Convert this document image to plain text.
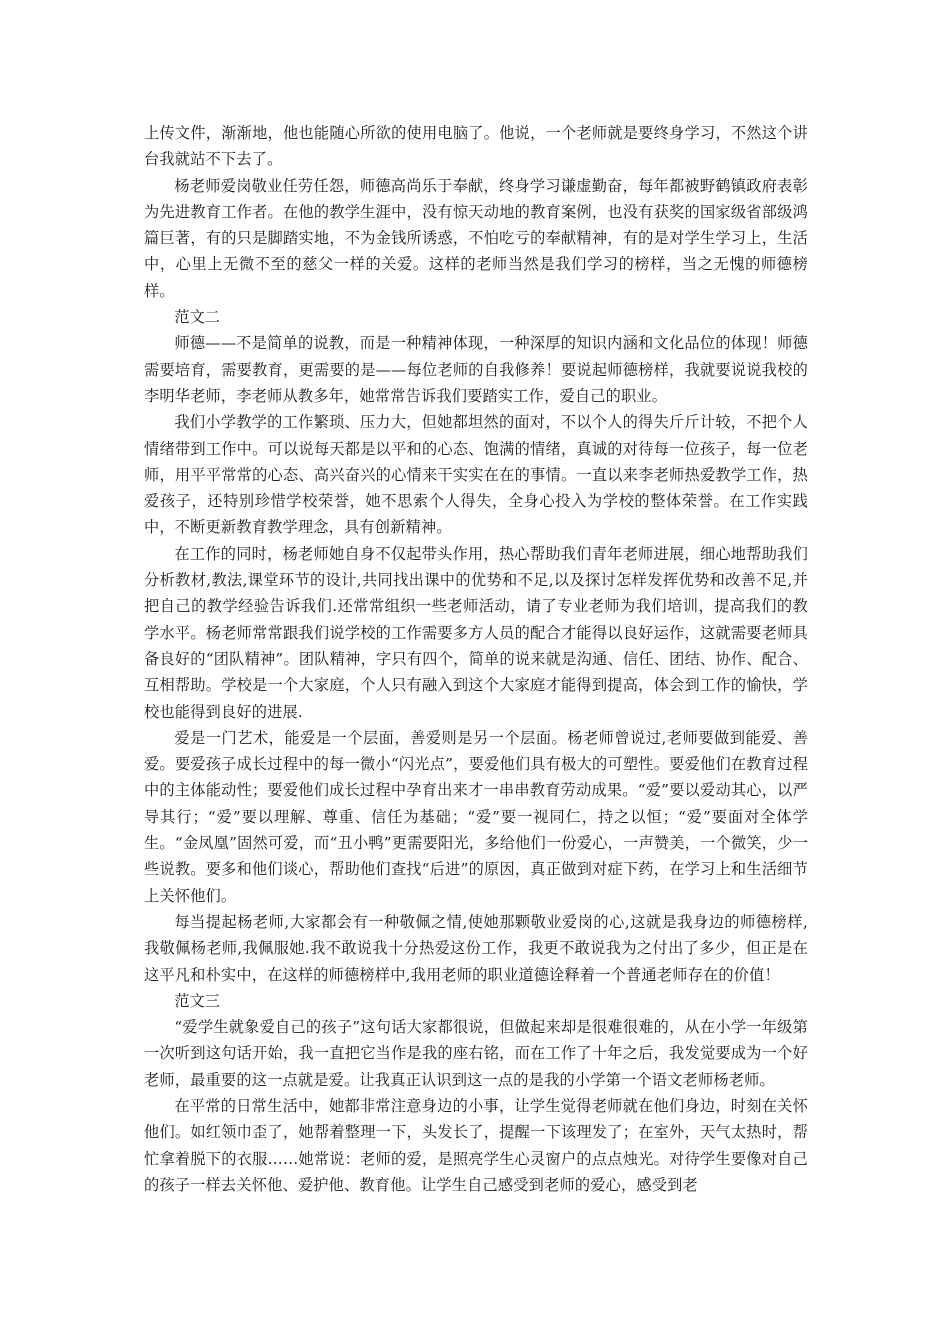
上传文件，渐渐地，他也能随心所欲的使用电脑了。他说，一个老师就是要终身学习，不然这个讲台我就站不下去了。

杨老师爱岗敬业任劳任怨，师德高尚乐于奉献，终身学习谦虚勤奋，每年都被野鹤镇政府表彰为先进教育工作者。在他的教学生涯中，没有惊天动地的教育案例，也没有获奖的国家级省部级鸿篇巨著，有的只是脚踏实地，不为金钱所诱惑，不怕吃亏的奉献精神，有的是对学生学习上，生活中，心里上无微不至的慈父一样的关爱。这样的老师当然是我们学习的榜样，当之无愧的师德榜样。

范文二

师德——不是简单的说教，而是一种精神体现，一种深厚的知识内涵和文化品位的体现！师德需要培育，需要教育，更需要的是——每位老师的自我修养！要说起师德榜样，我就要说说我校的李明华老师，李老师从教多年，她常常告诉我们要踏实工作，爱自己的职业。

我们小学教学的工作繁琐、压力大，但她都坦然的面对，不以个人的得失斤斤计较，不把个人情绪带到工作中。可以说每天都是以平和的心态、饱满的情绪，真诚的对待每一位孩子，每一位老师，用平平常常的心态、高兴奋兴的心情来干实实在在的事情。一直以来李老师热爱教学工作，热爱孩子，还特别珍惜学校荣誉，她不思索个人得失，全身心投入为学校的整体荣誉。在工作实践中，不断更新教育教学理念，具有创新精神。

在工作的同时，杨老师她自身不仅起带头作用，热心帮助我们青年老师进展，细心地帮助我们分析教材,教法,课堂环节的设计,共同找出课中的优势和不足,以及探讨怎样发挥优势和改善不足,并把自己的教学经验告诉我们.还常常组织一些老师活动，请了专业老师为我们培训，提高我们的教学水平。杨老师常常跟我们说学校的工作需要多方人员的配合才能得以良好运作，这就需要老师具备良好的“团队精神”。团队精神，字只有四个，简单的说来就是沟通、信任、团结、协作、配合、互相帮助。学校是一个大家庭，个人只有融入到这个大家庭才能得到提高，体会到工作的愉快，学校也能得到良好的进展.

爱是一门艺术，能爱是一个层面，善爱则是另一个层面。杨老师曾说过,老师要做到能爱、善爱。要爱孩子成长过程中的每一微小“闪光点”，要爱他们具有极大的可塑性。要爱他们在教育过程中的主体能动性；要爱他们成长过程中孕育出来才一串串教育劳动成果。“爱”要以爱动其心，以严导其行；“爱”要以理解、尊重、信任为基础；“爱”要一视同仁，持之以恒；“爱”要面对全体学生。“金凤凰”固然可爱，而“丑小鸭”更需要阳光，多给他们一份爱心，一声赞美，一个微笑，少一些说教。要多和他们谈心，帮助他们查找“后进”的原因，真正做到对症下药，在学习上和生活细节上关怀他们。

每当提起杨老师,大家都会有一种敬佩之情,使她那颗敬业爱岗的心,这就是我身边的师德榜样,我敬佩杨老师,我佩服她.我不敢说我十分热爱这份工作，我更不敢说我为之付出了多少，但正是在这平凡和朴实中，在这样的师德榜样中,我用老师的职业道德诠释着一个普通老师存在的价值！

范文三

“爱学生就象爱自己的孩子”这句话大家都很说，但做起来却是很难很难的，从在小学一年级第一次听到这句话开始，我一直把它当作是我的座右铭，而在工作了十年之后，我发觉要成为一个好老师，最重要的这一点就是爱。让我真正认识到这一点的是我的小学第一个语文老师杨老师。

在平常的日常生活中，她都非常注意身边的小事，让学生觉得老师就在他们身边，时刻在关怀他们。如红领巾歪了，她帮着整理一下，头发长了，提醒一下该理发了；在室外，天气太热时，帮忙拿着脱下的衣服……她常说：老师的爱，是照亮学生心灵窗户的点点烛光。对待学生要像对自己的孩子一样去关怀他、爱护他、教育他。让学生自己感受到老师的爱心，感受到老
